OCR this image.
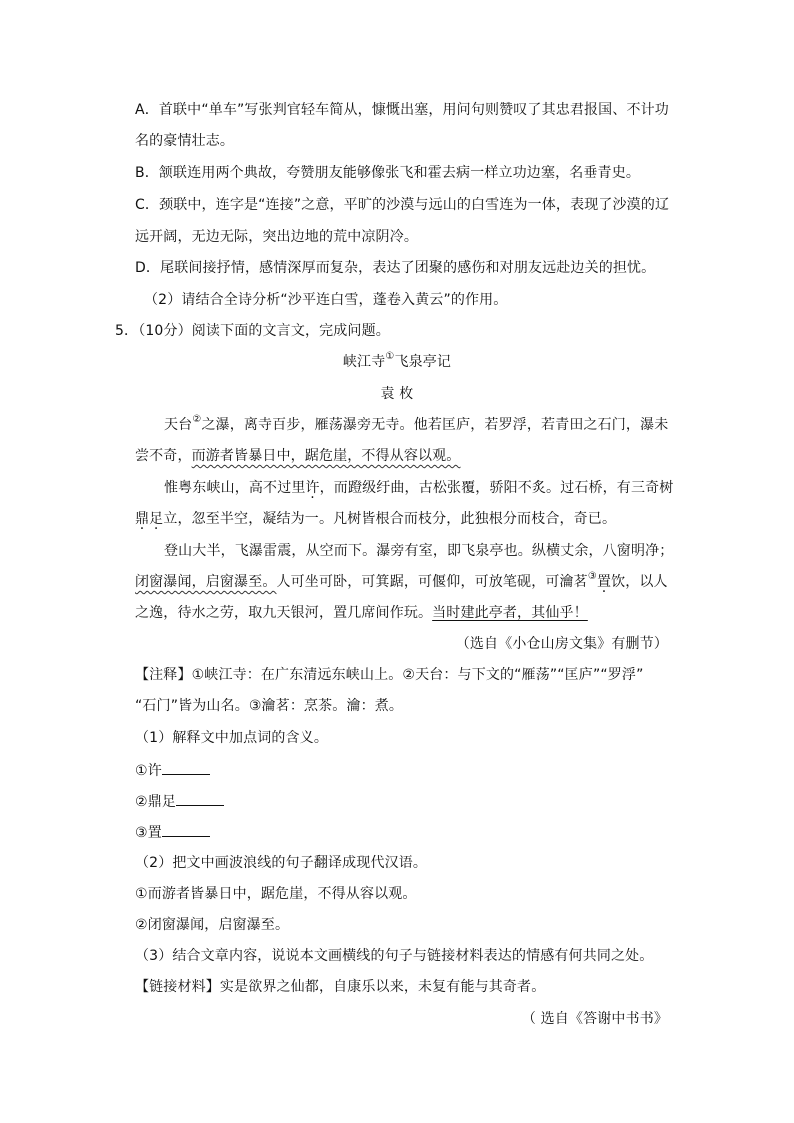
A．首联中“单车”写张判官轻车简从，慷慨出塞，用问句则赞叹了其忠君报国、不计功
名的豪情壮志。
B．颔联连用两个典故，夸赞朋友能够像张飞和霍去病一样立功边塞，名垂青史。
C．颈联中，连字是“连接”之意，平旷的沙漠与远山的白雪连为一体，表现了沙漠的辽
远开阔，无边无际，突出边地的荒中凉阴冷。
D．尾联间接抒情，感情深厚而复杂，表达了团聚的感伤和对朋友远赴边关的担忧。
（2）请结合全诗分析“沙平连白雪，蓬卷入黄云”的作用。
5．（10分）阅读下面的文言文，完成问题。
峡江寺①飞泉亭记
袁 枚
天台②之瀑，离寺百步，雁荡瀑旁无寺。他若匡庐，若罗浮，若青田之石门，瀑未
尝不奇，而游者皆暴日中，踞危崖，不得从容以观。
惟粤东峡山，高不过里许，而蹬级纡曲，古松张覆，骄阳不炙。过石桥，有三奇树
鼎足立，忽至半空，凝结为一。凡树皆根合而枝分，此独根分而枝合，奇已。
登山大半，飞瀑雷震，从空而下。瀑旁有室，即飞泉亭也。纵横丈余，八窗明净；
闭窗瀑闻，启窗瀑至。人可坐可卧，可箕踞，可偃仰，可放笔砚，可瀹茗③置饮，以人
之逸，待水之劳，取九天银河，置几席间作玩。当时建此亭者，其仙乎！
（选自《小仓山房文集》有删节）
【注释】①峡江寺：在广东清远东峡山上。②天台：与下文的“雁荡”“匡庐”“罗浮”
“石门”皆为山名。③瀹茗：烹茶。瀹：煮。
（1）解释文中加点词的含义。
①许
②鼎足
③置
（2）把文中画波浪线的句子翻译成现代汉语。
①而游者皆暴日中，踞危崖，不得从容以观。
②闭窗瀑闻，启窗瀑至。
（3）结合文章内容，说说本文画横线的句子与链接材料表达的情感有何共同之处。
【链接材料】实是欲界之仙都，自康乐以来，未复有能与其奇者。
（ 选自《答谢中书书》
